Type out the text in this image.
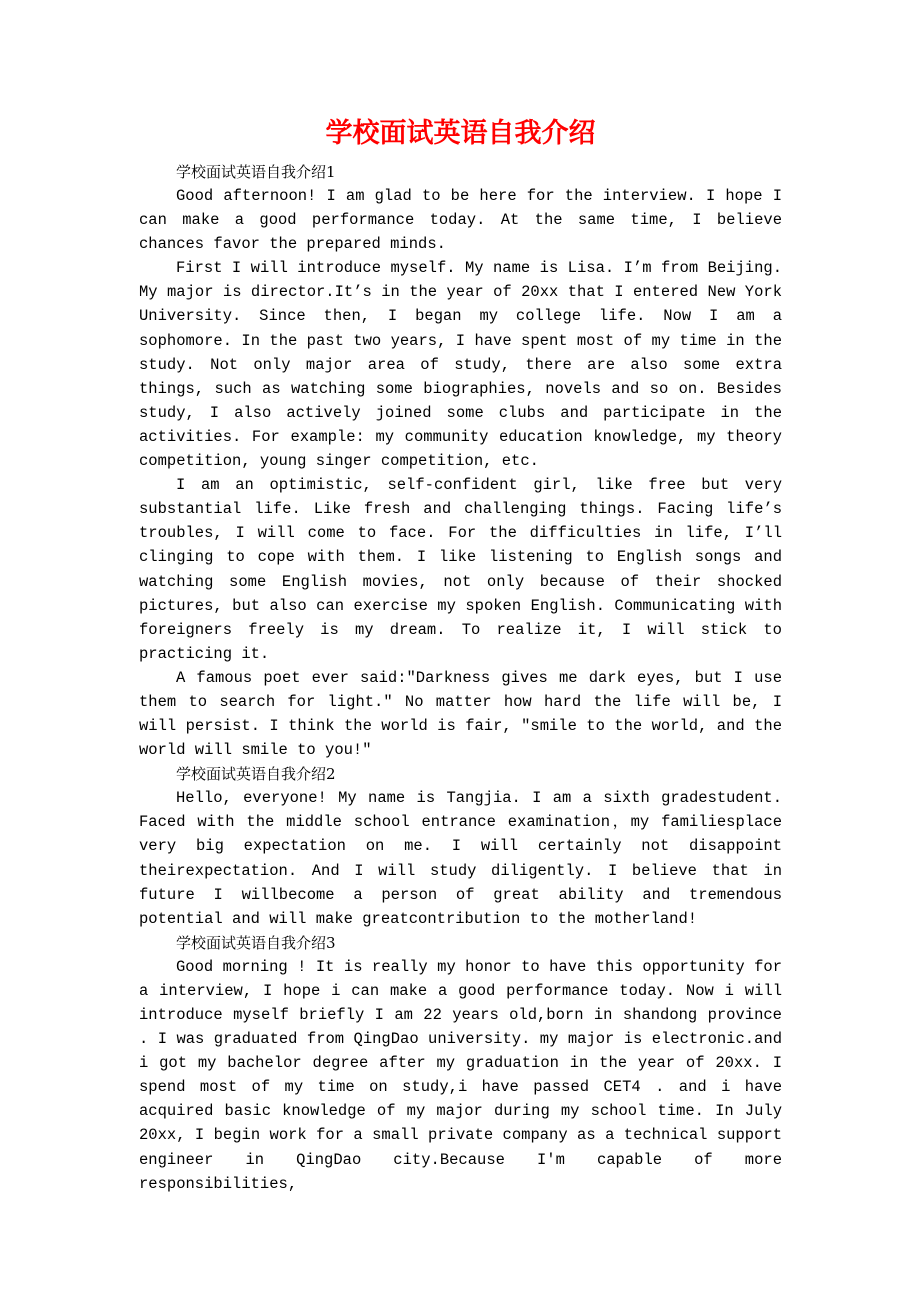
学校面试英语自我介绍

学校面试英语自我介绍1

Good afternoon! I am glad to be here for the interview. I hope I can make a good performance today. At the same time, I believe chances favor the prepared minds.

First I will introduce myself. My name is Lisa. I’m from Beijing. My major is director.It’s in the year of 20xx that I entered New York University. Since then, I began my college life. Now I am a sophomore. In the past two years, I have spent most of my time in the study. Not only major area of study, there are also some extra things, such as watching some biographies, novels and so on. Besides study, I also actively joined some clubs and participate in the activities. For example: my community education knowledge, my theory competition, young singer competition, etc.

I am an optimistic, self-confident girl, like free but very substantial life. Like fresh and challenging things. Facing life’s troubles, I will come to face. For the difficulties in life, I’ll clinging to cope with them. I like listening to English songs and watching some English movies, not only because of their shocked pictures, but also can exercise my spoken English. Communicating with foreigners freely is my dream. To realize it, I will stick to practicing it.

A famous poet ever said:"Darkness gives me dark eyes, but I use them to search for light." No matter how hard the life will be, I will persist. I think the world is fair, "smile to the world, and the world will smile to you!"

学校面试英语自我介绍2

Hello, everyone! My name is Tangjia. I am a sixth gradestudent. Faced with the middle school entrance examination，my familiesplace very big expectation on me. I will certainly not disappoint theirexpectation. And I will study diligently. I believe that in future I willbecome a person of great ability and tremendous potential and will make greatcontribution to the motherland!

学校面试英语自我介绍3

Good morning ! It is really my honor to have this opportunity for a interview, I hope i can make a good performance today. Now i will introduce myself briefly I am 22 years old,born in shandong province . I was graduated from QingDao university. my major is electronic.and i got my bachelor degree after my graduation in the year of 20xx. I spend most of my time on study,i have passed CET4 . and i have acquired basic knowledge of my major during my school time. In July 20xx, I begin work for a small private company as a technical support engineer in QingDao city.Because I'm capable of more responsibilities,
